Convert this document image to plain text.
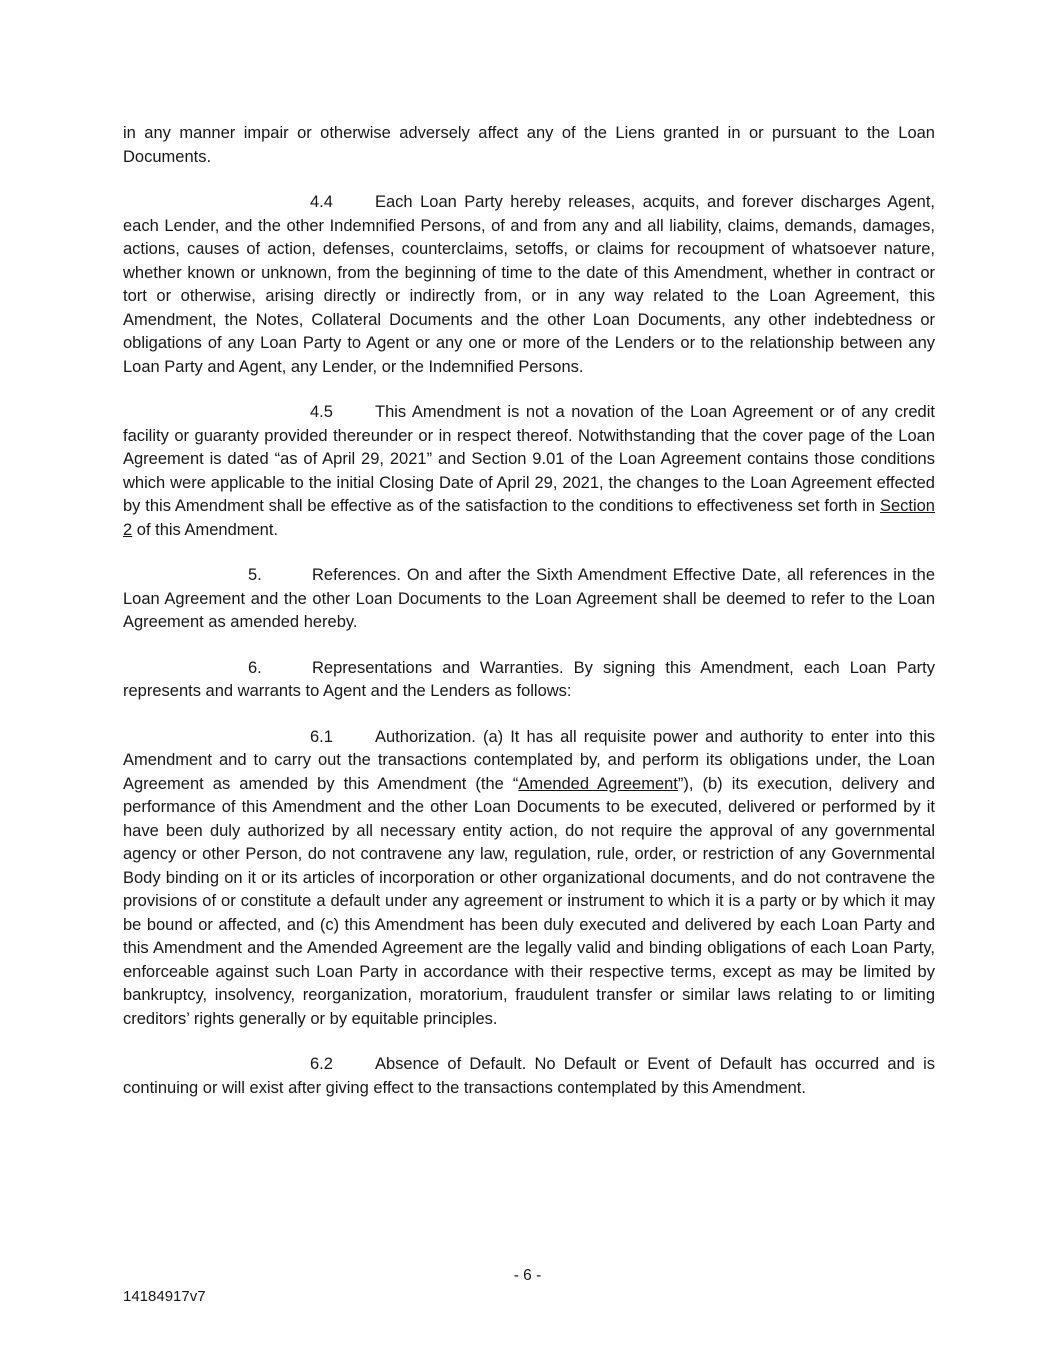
in any manner impair or otherwise adversely affect any of the Liens granted in or pursuant to the Loan Documents.

4.4	Each Loan Party hereby releases, acquits, and forever discharges Agent, each Lender, and the other Indemnified Persons, of and from any and all liability, claims, demands, damages, actions, causes of action, defenses, counterclaims, setoffs, or claims for recoupment of whatsoever nature, whether known or unknown, from the beginning of time to the date of this Amendment, whether in contract or tort or otherwise, arising directly or indirectly from, or in any way related to the Loan Agreement, this Amendment, the Notes, Collateral Documents and the other Loan Documents, any other indebtedness or obligations of any Loan Party to Agent or any one or more of the Lenders or to the relationship between any Loan Party and Agent, any Lender, or the Indemnified Persons.

4.5	This Amendment is not a novation of the Loan Agreement or of any credit facility or guaranty provided thereunder or in respect thereof. Notwithstanding that the cover page of the Loan Agreement is dated “as of April 29, 2021” and Section 9.01 of the Loan Agreement contains those conditions which were applicable to the initial Closing Date of April 29, 2021, the changes to the Loan Agreement effected by this Amendment shall be effective as of the satisfaction to the conditions to effectiveness set forth in Section 2 of this Amendment.

5.	References. On and after the Sixth Amendment Effective Date, all references in the Loan Agreement and the other Loan Documents to the Loan Agreement shall be deemed to refer to the Loan Agreement as amended hereby.

6.	Representations and Warranties. By signing this Amendment, each Loan Party represents and warrants to Agent and the Lenders as follows:

6.1	Authorization. (a) It has all requisite power and authority to enter into this Amendment and to carry out the transactions contemplated by, and perform its obligations under, the Loan Agreement as amended by this Amendment (the “Amended Agreement”), (b) its execution, delivery and performance of this Amendment and the other Loan Documents to be executed, delivered or performed by it have been duly authorized by all necessary entity action, do not require the approval of any governmental agency or other Person, do not contravene any law, regulation, rule, order, or restriction of any Governmental Body binding on it or its articles of incorporation or other organizational documents, and do not contravene the provisions of or constitute a default under any agreement or instrument to which it is a party or by which it may be bound or affected, and (c) this Amendment has been duly executed and delivered by each Loan Party and this Amendment and the Amended Agreement are the legally valid and binding obligations of each Loan Party, enforceable against such Loan Party in accordance with their respective terms, except as may be limited by bankruptcy, insolvency, reorganization, moratorium, fraudulent transfer or similar laws relating to or limiting creditors’ rights generally or by equitable principles.

6.2	Absence of Default. No Default or Event of Default has occurred and is continuing or will exist after giving effect to the transactions contemplated by this Amendment.

- 6 -
14184917v7
